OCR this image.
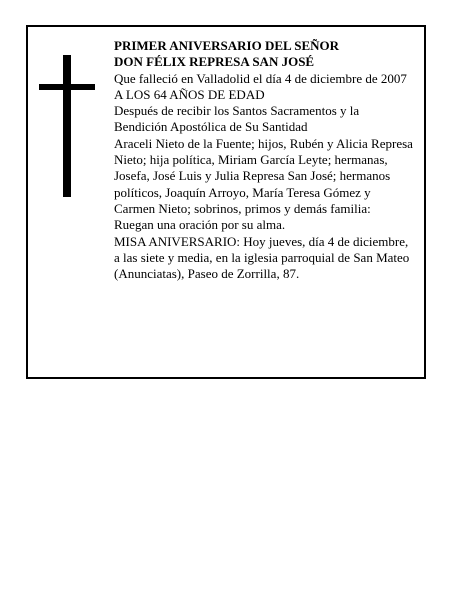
PRIMER ANIVERSARIO DEL SEÑOR

DON FÉLIX REPRESA SAN JOSÉ

Que falleció en Valladolid el día 4 de diciembre de 2007

A LOS 64 AÑOS DE EDAD

Después de recibir los Santos Sacramentos y la Bendición Apostólica de Su Santidad

Araceli Nieto de la Fuente; hijos, Rubén y Alicia Represa Nieto; hija política, Miriam García Leyte; hermanas, Josefa, José Luis y Julia Represa San José; hermanos políticos, Joaquín Arroyo, María Teresa Gómez y Carmen Nieto; sobrinos, primos y demás familia:

Ruegan una oración por su alma.

MISA ANIVERSARIO: Hoy jueves, día 4 de diciembre, a las siete y media, en la iglesia parroquial de San Mateo (Anunciatas), Paseo de Zorrilla, 87.
